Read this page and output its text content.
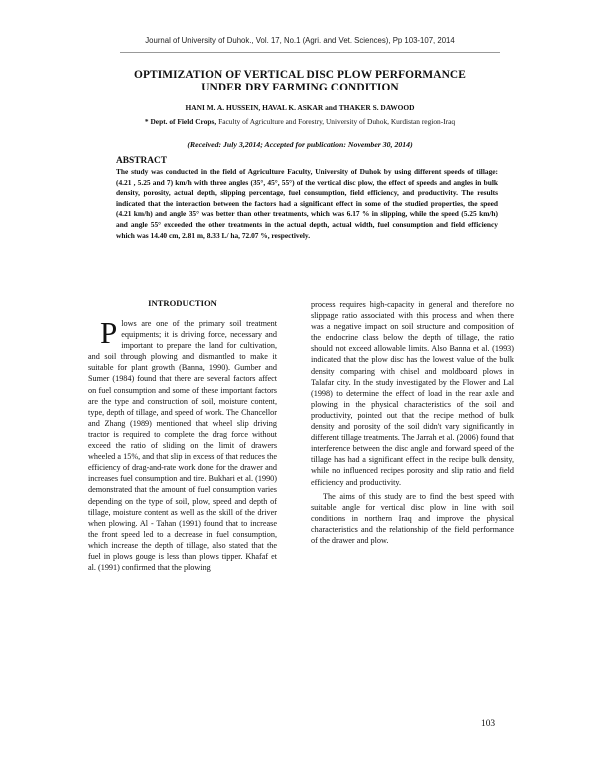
Journal of University of Duhok., Vol. 17, No.1 (Agri. and Vet. Sciences), Pp 103-107, 2014
OPTIMIZATION OF VERTICAL DISC PLOW PERFORMANCE
UNDER DRY FARMING CONDITION
HANI M. A. HUSSEIN, HAVAL K. ASKAR and THAKER S. DAWOOD
* Dept. of Field Crops, Faculty of Agriculture and Forestry, University of Duhok, Kurdistan region-Iraq
(Received: July 3,2014; Accepted for publication: November 30, 2014)
ABSTRACT
The study was conducted in the field of Agriculture Faculty, University of Duhok by using different speeds of tillage: (4.21 , 5.25 and 7) km/h with three angles (35°, 45°, 55°) of the vertical disc plow, the effect of speeds and angles in bulk density, porosity, actual depth, slipping percentage, fuel consumption, field efficiency, and productivity. The results indicated that the interaction between the factors had a significant effect in some of the studied properties, the speed (4.21 km/h) and angle 35° was better than other treatments, which was 6.17 % in slipping, while the speed (5.25 km/h) and angle 55° exceeded the other treatments in the actual depth, actual width, fuel consumption and field efficiency which was 14.40 cm, 2.81 m, 8.33 L/ ha, 72.07 %, respectively.
INTRODUCTION

Plows are one of the primary soil treatment equipments; it is driving force, necessary and important to prepare the land for cultivation, and soil through plowing and dismantled to make it suitable for plant growth (Banna, 1990). Gumber and Sumer (1984) found that there are several factors affect on fuel consumption and some of these important factors are the type and construction of soil, moisture content, type, depth of tillage, and speed of work. The Chancellor and Zhang (1989) mentioned that wheel slip driving tractor is required to complete the drag force without exceed the ratio of sliding on the limit of drawers wheeled a 15%, and that slip in excess of that reduces the efficiency of drag-and-rate work done for the drawer and increases fuel consumption and tire. Bukhari et al. (1990) demonstrated that the amount of fuel consumption varies depending on the type of soil, plow, speed and depth of tillage, moisture content as well as the skill of the driver when plowing. Al - Tahan (1991) found that to increase the front speed led to a decrease in fuel consumption, which increase the depth of tillage, also stated that the fuel in plows gouge is less than plows tipper. Khafaf et al. (1991) confirmed that the plowing

process requires high-capacity in general and therefore no slippage ratio associated with this process and when there was a negative impact on soil structure and composition of the endocrine class below the depth of tillage, the ratio should not exceed allowable limits. Also Banna et al. (1993) indicated that the plow disc has the lowest value of the bulk density comparing with chisel and moldboard plows in Talafar city. In the study investigated by the Flower and Lal (1998) to determine the effect of load in the rear axle and plowing in the physical characteristics of the soil and productivity, pointed out that the recipe method of bulk density and porosity of the soil didn't vary significantly in different tillage treatments. The Jarrah et al. (2006) found that interference between the disc angle and forward speed of the tillage has had a significant effect in the recipe bulk density, while no influenced recipes porosity and slip ratio and field efficiency and productivity.

The aims of this study are to find the best speed with suitable angle for vertical disc plow in line with soil conditions in northern Iraq and improve the physical characteristics and the relationship of the field performance of the drawer and plow.

103
